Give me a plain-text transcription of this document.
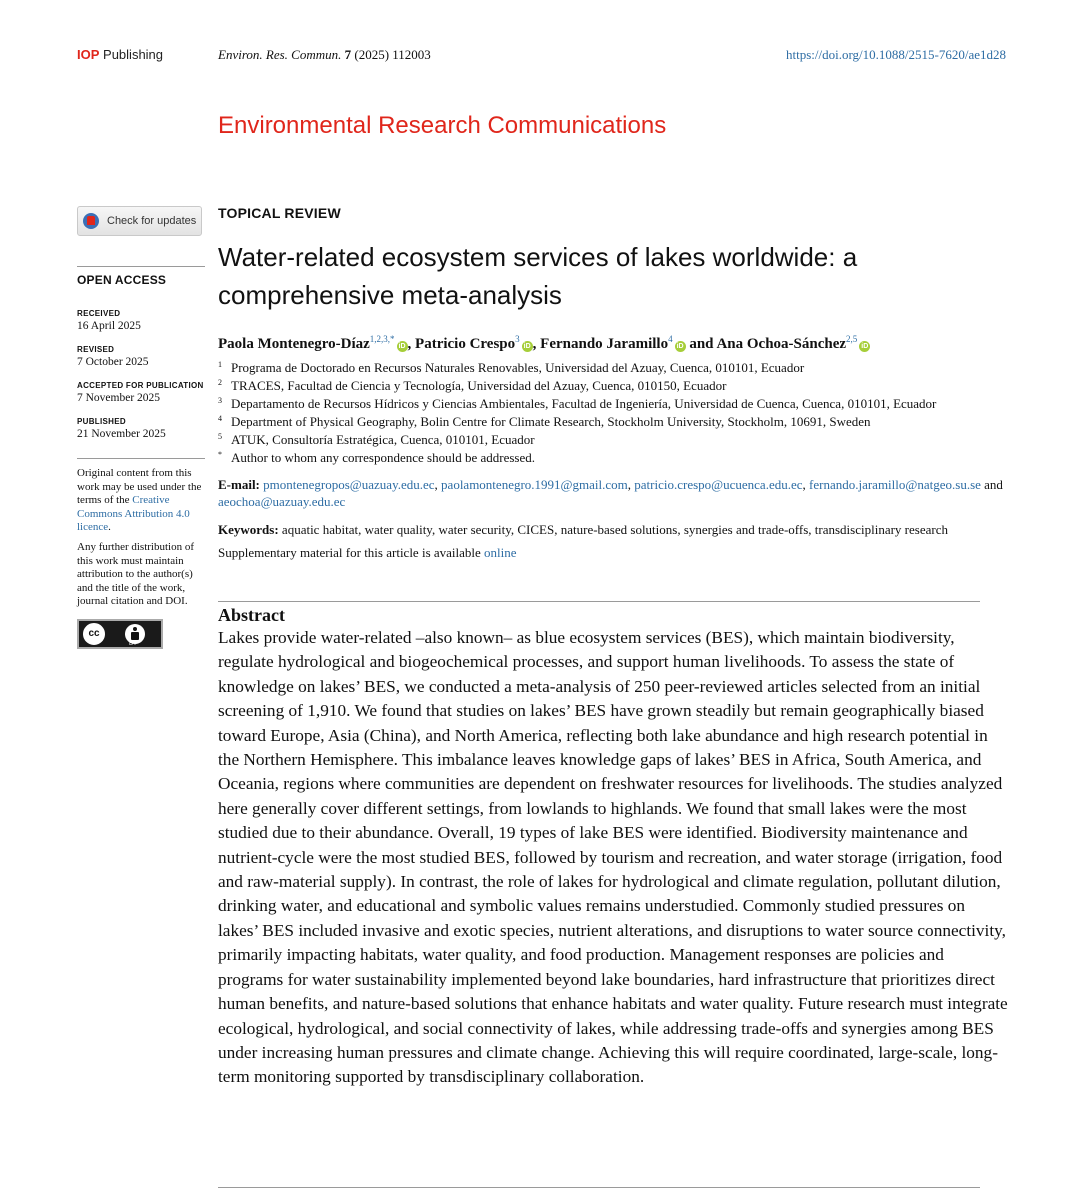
IOP Publishing	Environ. Res. Commun. 7 (2025) 112003	https://doi.org/10.1088/2515-7620/ae1d28
Environmental Research Communications
Check for updates
OPEN ACCESS
RECEIVED
16 April 2025
REVISED
7 October 2025
ACCEPTED FOR PUBLICATION
7 November 2025
PUBLISHED
21 November 2025

Original content from this work may be used under the terms of the Creative Commons Attribution 4.0 licence.

Any further distribution of this work must maintain attribution to the author(s) and the title of the work, journal citation and DOI.

cc
BY
TOPICAL REVIEW
Water-related ecosystem services of lakes worldwide: a comprehensive meta-analysis
Paola Montenegro-Díaz$^{1,2,3,*}$iD , Patricio Crespo$^3$iD , Fernando Jaramillo$^4$iD and Ana Ochoa-Sánchez$^{2,5}$iD
1 Programa de Doctorado en Recursos Naturales Renovables, Universidad del Azuay, Cuenca, 010101, Ecuador
2 TRACES, Facultad de Ciencia y Tecnología, Universidad del Azuay, Cuenca, 010150, Ecuador
3 Departamento de Recursos Hídricos y Ciencias Ambientales, Facultad de Ingeniería, Universidad de Cuenca, Cuenca, 010101, Ecuador
4 Department of Physical Geography, Bolin Centre for Climate Research, Stockholm University, Stockholm, 10691, Sweden
5 ATUK, Consultoría Estratégica, Cuenca, 010101, Ecuador
* Author to whom any correspondence should be addressed.
E-mail: pmontenegropos@uazuay.edu.ec, paolamontenegro.1991@gmail.com, patricio.crespo@ucuenca.edu.ec, fernando.jaramillo@natgeo.su.se and aeochoa@uazuay.edu.ec
Keywords: aquatic habitat, water quality, water security, CICES, nature-based solutions, synergies and trade-offs, transdisciplinary research
Supplementary material for this article is available online
Abstract
Lakes provide water-related –also known– as blue ecosystem services (BES), which maintain biodiversity, regulate hydrological and biogeochemical processes, and support human livelihoods. To assess the state of knowledge on lakes’ BES, we conducted a meta-analysis of 250 peer-reviewed articles selected from an initial screening of 1,910. We found that studies on lakes’ BES have grown steadily but remain geographically biased toward Europe, Asia (China), and North America, reflecting both lake abundance and high research potential in the Northern Hemisphere. This imbalance leaves knowledge gaps of lakes’ BES in Africa, South America, and Oceania, regions where communities are dependent on freshwater resources for livelihoods. The studies analyzed here generally cover different settings, from lowlands to highlands. We found that small lakes were the most studied due to their abundance. Overall, 19 types of lake BES were identified. Biodiversity maintenance and nutrient-cycle were the most studied BES, followed by tourism and recreation, and water storage (irrigation, food and raw-material supply). In contrast, the role of lakes for hydrological and climate regulation, pollutant dilution, drinking water, and educational and symbolic values remains understudied. Commonly studied pressures on lakes’ BES included invasive and exotic species, nutrient alterations, and disruptions to water source connectivity, primarily impacting habitats, water quality, and food production. Management responses are policies and programs for water sustainability implemented beyond lake boundaries, hard infrastructure that prioritizes direct human benefits, and nature-based solutions that enhance habitats and water quality. Future research must integrate ecological, hydrological, and social connectivity of lakes, while addressing trade-offs and synergies among BES under increasing human pressures and climate change. Achieving this will require coordinated, large-scale, long-term monitoring supported by transdisciplinary collaboration.
